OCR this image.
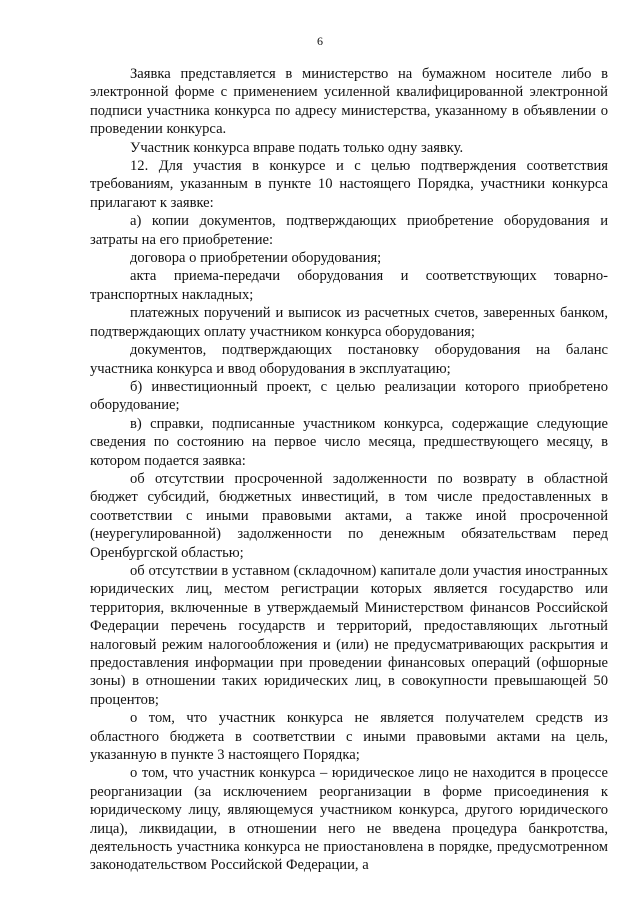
6

Заявка представляется в министерство на бумажном носителе либо в электронной форме с применением усиленной квалифицированной электронной подписи участника конкурса по адресу министерства, указанному в объявлении о проведении конкурса.

Участник конкурса вправе подать только одну заявку.

12. Для участия в конкурсе и с целью подтверждения соответствия требованиям, указанным в пункте 10 настоящего Порядка, участники конкурса прилагают к заявке:

а) копии документов, подтверждающих приобретение оборудования и затраты на его приобретение:

договора о приобретении оборудования;

акта приема-передачи оборудования и соответствующих товарно-транспортных накладных;

платежных поручений и выписок из расчетных счетов, заверенных банком, подтверждающих оплату участником конкурса оборудования;

документов, подтверждающих постановку оборудования на баланс участника конкурса и ввод оборудования в эксплуатацию;

б) инвестиционный проект, с целью реализации которого приобретено оборудование;

в) справки, подписанные участником конкурса, содержащие следующие сведения по состоянию на первое число месяца, предшествующего месяцу, в котором подается заявка:

об отсутствии просроченной задолженности по возврату в областной бюджет субсидий, бюджетных инвестиций, в том числе предоставленных в соответствии с иными правовыми актами, а также иной просроченной (неурегулированной) задолженности по денежным обязательствам перед Оренбургской областью;

об отсутствии в уставном (складочном) капитале доли участия иностранных юридических лиц, местом регистрации которых является государство или территория, включенные в утверждаемый Министерством финансов Российской Федерации перечень государств и территорий, предоставляющих льготный налоговый режим налогообложения и (или) не предусматривающих раскрытия и предоставления информации при проведении финансовых операций (офшорные зоны) в отношении таких юридических лиц, в совокупности превышающей 50 процентов;

о том, что участник конкурса не является получателем средств из областного бюджета в соответствии с иными правовыми актами на цель, указанную в пункте 3 настоящего Порядка;

о том, что участник конкурса – юридическое лицо не находится в процессе реорганизации (за исключением реорганизации в форме присоединения к юридическому лицу, являющемуся участником конкурса, другого юридического лица), ликвидации, в отношении него не введена процедура банкротства, деятельность участника конкурса не приостановлена в порядке, предусмотренном законодательством Российской Федерации, а
